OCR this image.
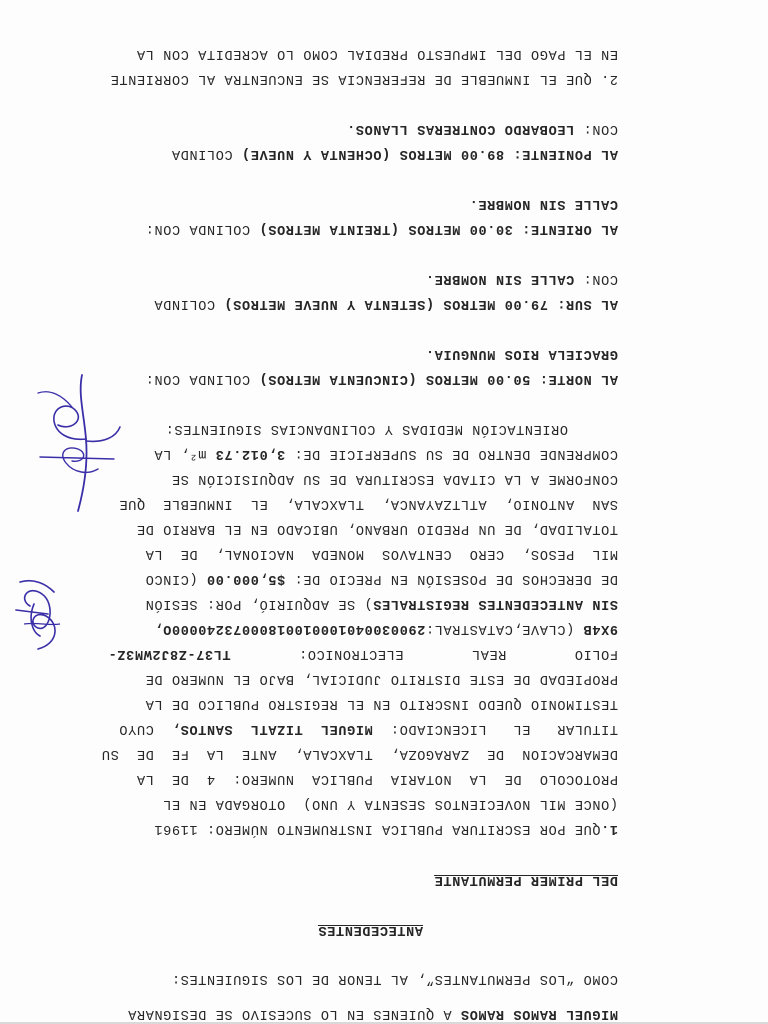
MIGUEL RAMOS RAMOS A QUIENES EN LO SUCESIVO SE DESIGNARA

COMO “LOS PERMUTANTES”, AL TENOR DE LOS SIGUIENTES:

ANTECEDENTES

DEL PRIMER PERMUTANTE

1.QUE POR ESCRITURA PUBLICA INSTRUMENTO NÚMERO: 11961

(ONCE MIL NOVECIENTOS SESENTA Y UNO)  OTORGADA EN EL

PROTOCOLO  DE  LA  NOTARIA  PUBLICA  NUMERO:  4  DE  LA

DEMARCACION  DE  ZARAGOZA,  TLAXCALA,  ANTE  LA  FE  DE  SU

TITULAR   EL   LICENCIADO:  MIGUEL  TIZATL  SANTOS,  CUYO

TESTIMONIO QUEDO INSCRITO EN EL REGISTRO PUBLICO DE LA

PROPIEDAD DE ESTE DISTRITO JUDICIAL, BAJO EL NUMERO DE

FOLIO
REAL
ELECTRONICO:
TL37-Z8J2WM3Z-

9X4B (CLAVE,CATASTRAL:29003004010001001800073240000O,

SIN ANTECEDENTES REGISTRALES) SE ADQUIRIÓ, POR: SESIÓN

DE DERECHOS DE POSESIÓN EN PRECIO DE: $5,000.00 (CINCO

MIL  PESOS,  CERO  CENTAVOS  MONEDA  NACIONAL,  DE  LA

TOTALIDAD, DE UN PREDIO URBANO, UBICADO EN EL BARRIO DE

SAN  ANTONIO,  ATLTZAYANCA,  TLAXCALA,  EL  INMUEBLE  QUE

CONFORME A LA CITADA ESCRITURA DE SU ADQUISICIÓN SE

COMPRENDE DENTRO DE SU SUPERFICIE DE: 3,012.73 m², LA

ORIENTACIÓN MEDIDAS Y COLINDANCIAS SIGUIENTES:

AL NORTE: 50.00 METROS (CINCUENTA METROS) COLINDA CON:

GRACIELA RIOS MUNGUIA.

AL SUR: 79.00 METROS (SETENTA Y NUEVE METROS) COLINDA

CON: CALLE SIN NOMBRE.

AL ORIENTE: 30.00 METROS (TREINTA METROS) COLINDA CON:

CALLE SIN NOMBRE.

AL PONIENTE: 89.00 METROS (OCHENTA Y NUEVE) COLINDA

CON: LEOBARDO CONTRERAS LLANOS.

2. QUE EL INMUEBLE DE REFERENCIA SE ENCUENTRA AL CORRIENTE

EN EL PAGO DEL IMPUESTO PREDIAL COMO LO ACREDITA CON LA
